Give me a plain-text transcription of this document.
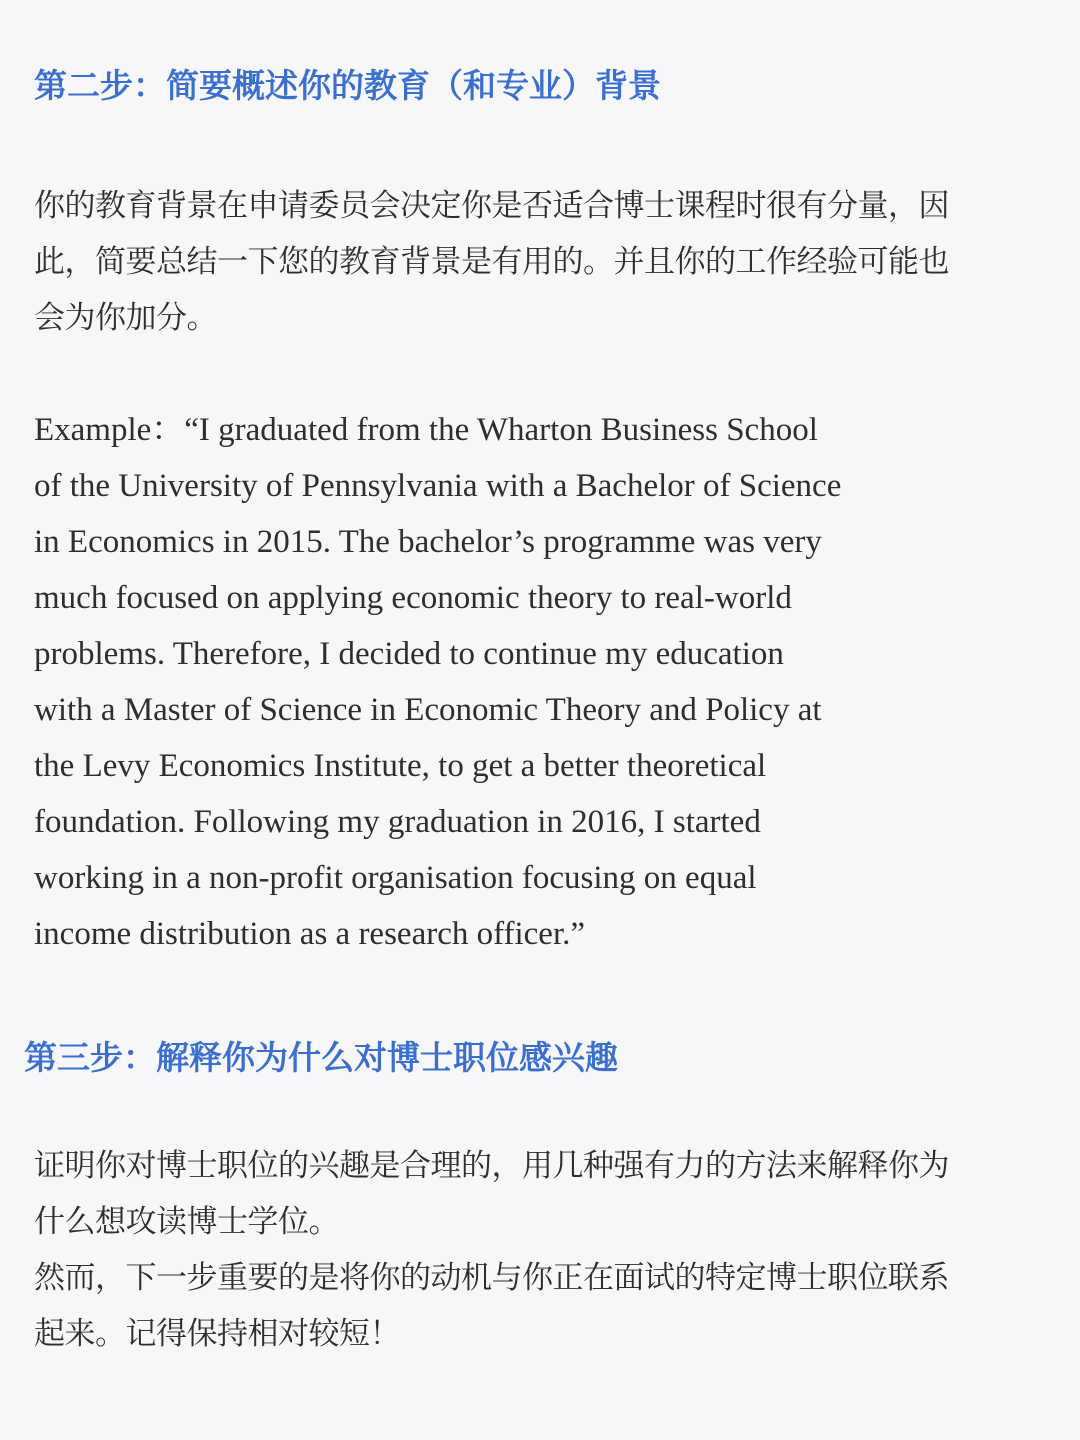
第二步：简要概述你的教育（和专业）背景
你的教育背景在申请委员会决定你是否适合博士课程时很有分量，因
此，简要总结一下您的教育背景是有用的。并且你的工作经验可能也
会为你加分。
Example：“I graduated from the Wharton Business School
of the University of Pennsylvania with a Bachelor of Science
in Economics in 2015. The bachelor’s programme was very
much focused on applying economic theory to real-world
problems. Therefore, I decided to continue my education
with a Master of Science in Economic Theory and Policy at
the Levy Economics Institute, to get a better theoretical
foundation. Following my graduation in 2016, I started
working in a non-profit organisation focusing on equal
income distribution as a research officer.”
第三步：解释你为什么对博士职位感兴趣
证明你对博士职位的兴趣是合理的，用几种强有力的方法来解释你为
什么想攻读博士学位。
然而，下一步重要的是将你的动机与你正在面试的特定博士职位联系
起来。记得保持相对较短！
